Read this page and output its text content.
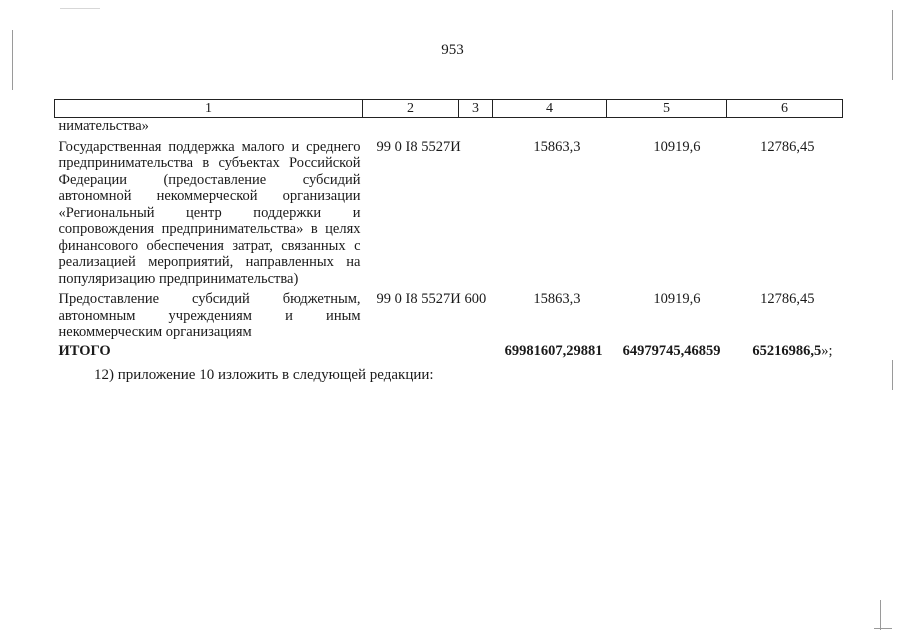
953
1	2	3	4	5	6
нимательства»					
Государственная поддержка малого и среднего предпринимательства в субъектах Российской Федерации (предоставление субсидий автономной некоммерческой организации «Региональный центр поддержки и сопровождения предпринимательства» в целях финансового обеспечения затрат, связанных с реализацией мероприятий, направленных на популяризацию предпринимательства)	99 0 I8 5527И		15863,3	10919,6	12786,45
Предоставление субсидий бюджетным, автономным учреждениям и иным некоммерческим организациям	99 0 I8 5527И	600	15863,3	10919,6	12786,45
ИТОГО			69981607,29881	64979745,46859	65216986,5»;
12) приложение 10 изложить в следующей редакции:
